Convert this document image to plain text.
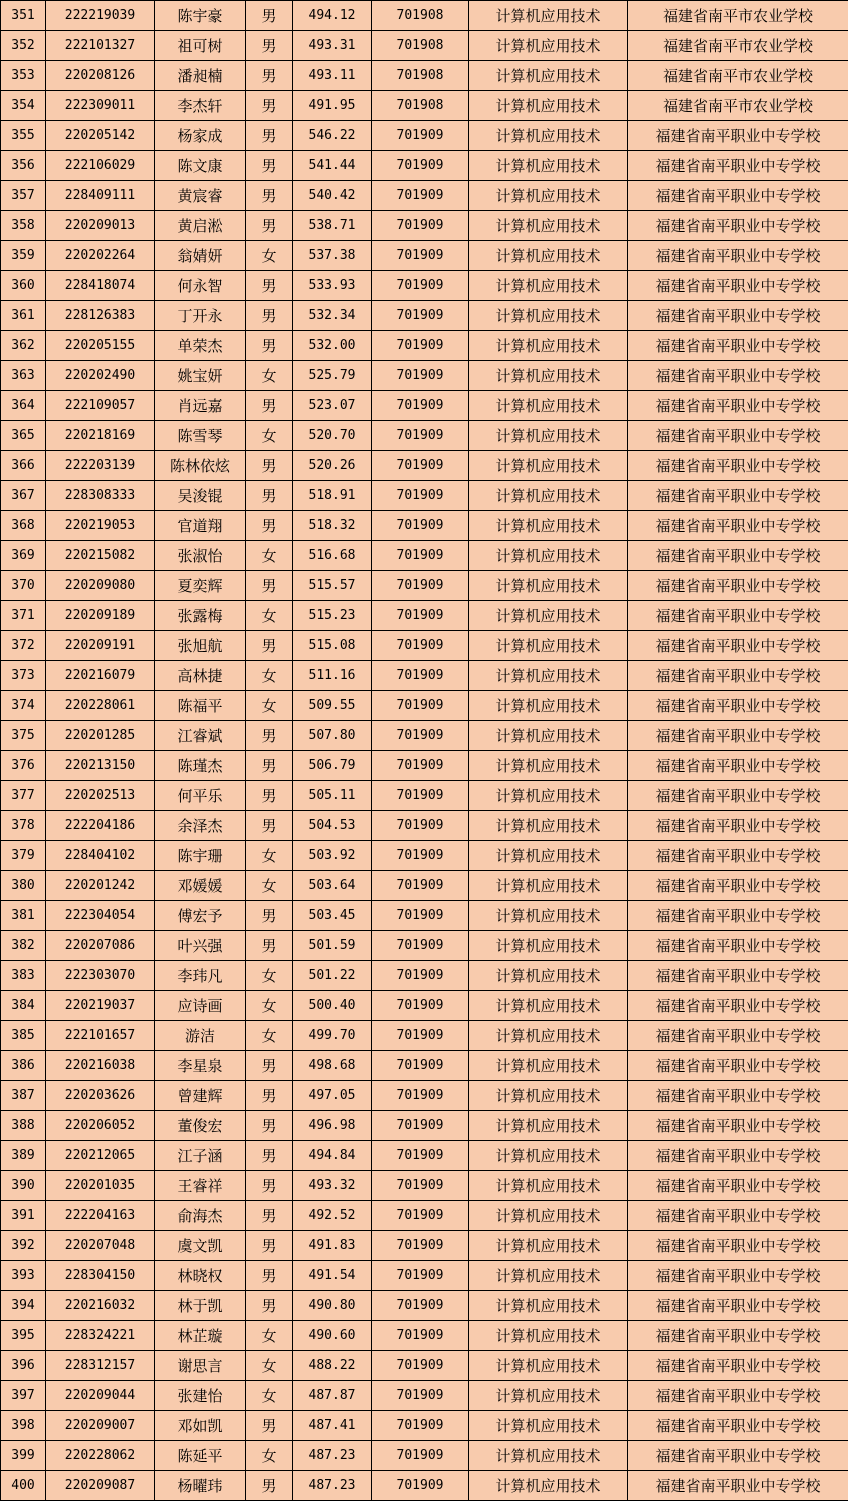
351	222219039	陈宇豪	男	494.12	701908	计算机应用技术	福建省南平市农业学校
352	222101327	祖可树	男	493.31	701908	计算机应用技术	福建省南平市农业学校
353	220208126	潘昶楠	男	493.11	701908	计算机应用技术	福建省南平市农业学校
354	222309011	李杰轩	男	491.95	701908	计算机应用技术	福建省南平市农业学校
355	220205142	杨家成	男	546.22	701909	计算机应用技术	福建省南平职业中专学校
356	222106029	陈文康	男	541.44	701909	计算机应用技术	福建省南平职业中专学校
357	228409111	黄宸睿	男	540.42	701909	计算机应用技术	福建省南平职业中专学校
358	220209013	黄启淞	男	538.71	701909	计算机应用技术	福建省南平职业中专学校
359	220202264	翁婧妍	女	537.38	701909	计算机应用技术	福建省南平职业中专学校
360	228418074	何永智	男	533.93	701909	计算机应用技术	福建省南平职业中专学校
361	228126383	丁开永	男	532.34	701909	计算机应用技术	福建省南平职业中专学校
362	220205155	单荣杰	男	532.00	701909	计算机应用技术	福建省南平职业中专学校
363	220202490	姚宝妍	女	525.79	701909	计算机应用技术	福建省南平职业中专学校
364	222109057	肖远嘉	男	523.07	701909	计算机应用技术	福建省南平职业中专学校
365	220218169	陈雪琴	女	520.70	701909	计算机应用技术	福建省南平职业中专学校
366	222203139	陈林依炫	男	520.26	701909	计算机应用技术	福建省南平职业中专学校
367	228308333	吴浚锟	男	518.91	701909	计算机应用技术	福建省南平职业中专学校
368	220219053	官道翔	男	518.32	701909	计算机应用技术	福建省南平职业中专学校
369	220215082	张淑怡	女	516.68	701909	计算机应用技术	福建省南平职业中专学校
370	220209080	夏奕辉	男	515.57	701909	计算机应用技术	福建省南平职业中专学校
371	220209189	张露梅	女	515.23	701909	计算机应用技术	福建省南平职业中专学校
372	220209191	张旭航	男	515.08	701909	计算机应用技术	福建省南平职业中专学校
373	220216079	高林捷	女	511.16	701909	计算机应用技术	福建省南平职业中专学校
374	220228061	陈福平	女	509.55	701909	计算机应用技术	福建省南平职业中专学校
375	220201285	江睿斌	男	507.80	701909	计算机应用技术	福建省南平职业中专学校
376	220213150	陈瑾杰	男	506.79	701909	计算机应用技术	福建省南平职业中专学校
377	220202513	何平乐	男	505.11	701909	计算机应用技术	福建省南平职业中专学校
378	222204186	余泽杰	男	504.53	701909	计算机应用技术	福建省南平职业中专学校
379	228404102	陈宇珊	女	503.92	701909	计算机应用技术	福建省南平职业中专学校
380	220201242	邓媛媛	女	503.64	701909	计算机应用技术	福建省南平职业中专学校
381	222304054	傅宏予	男	503.45	701909	计算机应用技术	福建省南平职业中专学校
382	220207086	叶兴强	男	501.59	701909	计算机应用技术	福建省南平职业中专学校
383	222303070	李玮凡	女	501.22	701909	计算机应用技术	福建省南平职业中专学校
384	220219037	应诗画	女	500.40	701909	计算机应用技术	福建省南平职业中专学校
385	222101657	游洁	女	499.70	701909	计算机应用技术	福建省南平职业中专学校
386	220216038	李星泉	男	498.68	701909	计算机应用技术	福建省南平职业中专学校
387	220203626	曾建辉	男	497.05	701909	计算机应用技术	福建省南平职业中专学校
388	220206052	董俊宏	男	496.98	701909	计算机应用技术	福建省南平职业中专学校
389	220212065	江子涵	男	494.84	701909	计算机应用技术	福建省南平职业中专学校
390	220201035	王睿祥	男	493.32	701909	计算机应用技术	福建省南平职业中专学校
391	222204163	俞海杰	男	492.52	701909	计算机应用技术	福建省南平职业中专学校
392	220207048	虞文凯	男	491.83	701909	计算机应用技术	福建省南平职业中专学校
393	228304150	林晓权	男	491.54	701909	计算机应用技术	福建省南平职业中专学校
394	220216032	林于凯	男	490.80	701909	计算机应用技术	福建省南平职业中专学校
395	228324221	林芷璇	女	490.60	701909	计算机应用技术	福建省南平职业中专学校
396	228312157	谢思言	女	488.22	701909	计算机应用技术	福建省南平职业中专学校
397	220209044	张建怡	女	487.87	701909	计算机应用技术	福建省南平职业中专学校
398	220209007	邓如凯	男	487.41	701909	计算机应用技术	福建省南平职业中专学校
399	220228062	陈延平	女	487.23	701909	计算机应用技术	福建省南平职业中专学校
400	220209087	杨曜玮	男	487.23	701909	计算机应用技术	福建省南平职业中专学校
